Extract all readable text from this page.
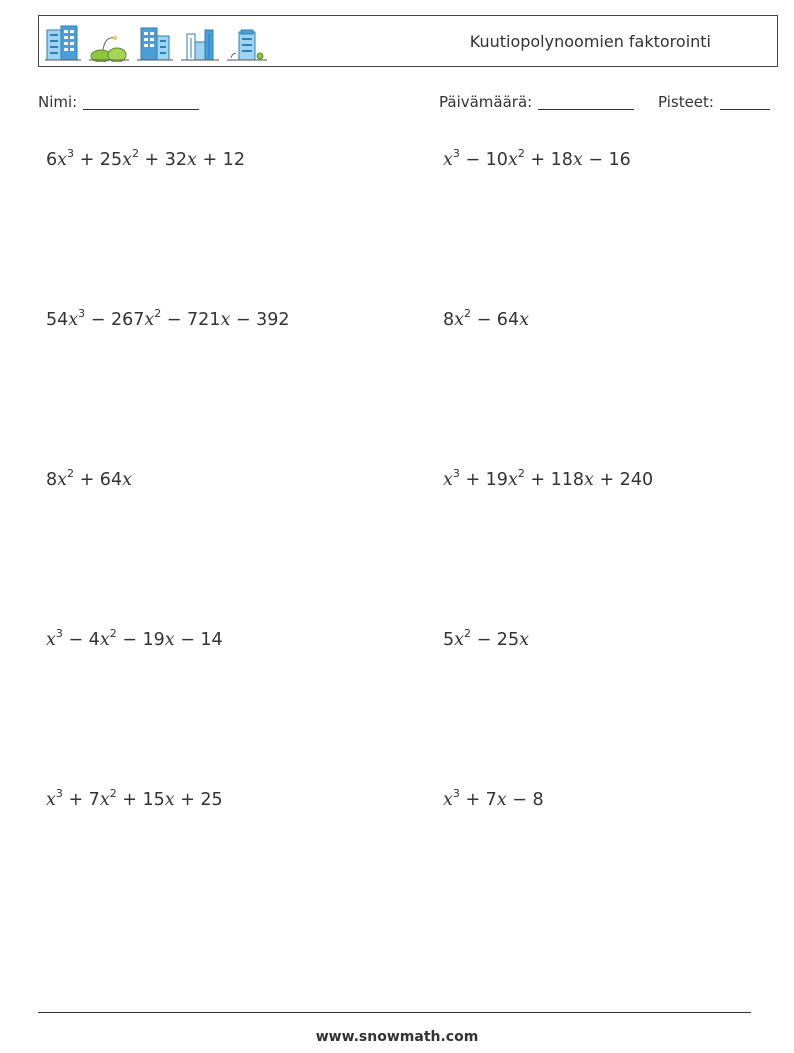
Kuutiopolynoomien faktorointi
Nimi:	Päivämäärä:	Pisteet:
$6x^3 + 25x^2 + 32x + 12$	$x^3 - 10x^2 + 18x - 16$
$54x^3 - 267x^2 - 721x - 392$	$8x^2 - 64x$
$8x^2 + 64x$	$x^3 + 19x^2 + 118x + 240$
$x^3 - 4x^2 - 19x - 14$	$5x^2 - 25x$
$x^3 + 7x^2 + 15x + 25$	$x^3 + 7x - 8$
www.snowmath.com
